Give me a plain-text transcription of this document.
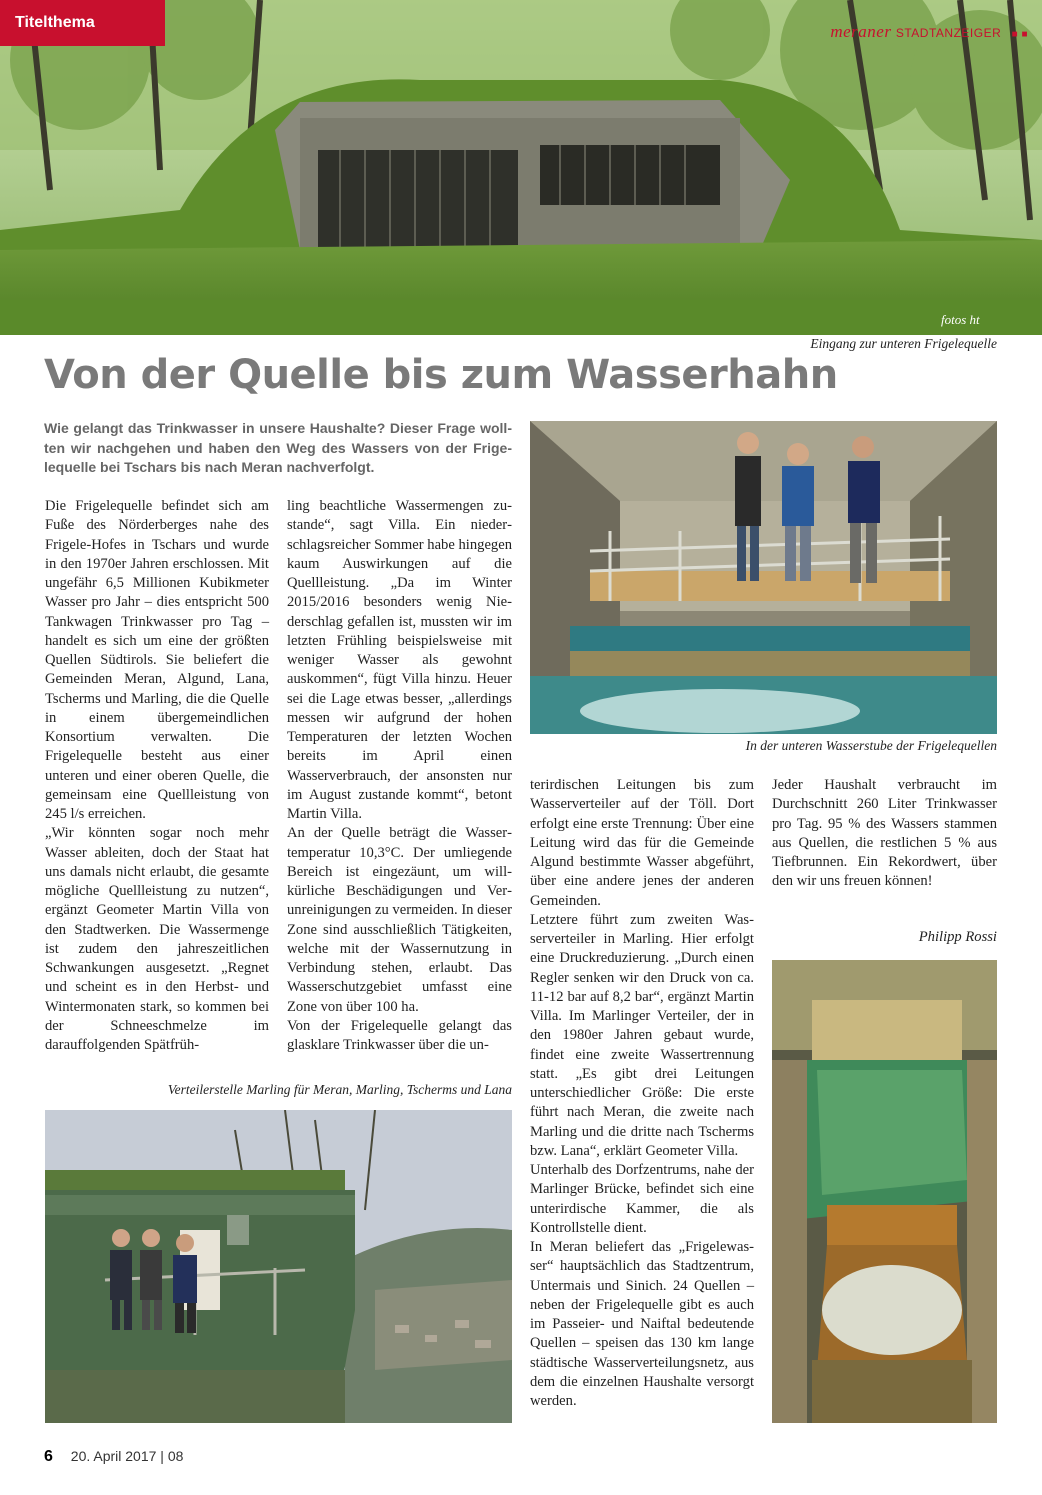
Titelthema	meraner STADTANZEIGER ■ ■
fotos ht
Eingang zur unteren Frigelequelle
Von der Quelle bis zum Wasserhahn
Wie gelangt das Trinkwasser in unsere Haushalte? Dieser Frage wollten wir nachgehen und haben den Weg des Wassers von der Frigelequelle bei Tschars bis nach Meran nachverfolgt.

Die Frigelequelle befindet sich am Fuße des Nörderberges nahe des Frigele-Hofes in Tschars und wurde in den 1970er Jahren erschlossen. Mit ungefähr 6,5 Millionen Kubikmeter Wasser pro Jahr – dies entspricht 500 Tankwagen Trinkwasser pro Tag – handelt es sich um eine der größten Quellen Südtirols. Sie beliefert die Gemeinden Meran, Algund, Lana, Tscherms und Marling, die die Quelle in einem übergemeindlichen Konsortium verwalten. Die Frigelequelle besteht aus einer unteren und einer oberen Quelle, die gemeinsam eine Quellleistung von 245 l/s erreichen.

„Wir könnten sogar noch mehr Wasser ableiten, doch der Staat hat uns damals nicht erlaubt, die gesamte mögliche Quellleistung zu nutzen“, ergänzt Geometer Martin Villa von den Stadtwerken. Die Wassermenge ist zudem den jahreszeitlichen Schwankungen ausgesetzt. „Regnet und scheint es in den Herbst- und Wintermonaten stark, so kommen bei der Schneeschmelze im darauffolgenden Spätfrüh-

ling beachtliche Wassermengen zustande“, sagt Villa. Ein niederschlagsreicher Sommer habe hingegen kaum Auswirkungen auf die Quellleistung. „Da im Winter 2015/2016 besonders wenig Niederschlag gefallen ist, mussten wir im letzten Frühling beispielsweise mit weniger Wasser als gewohnt auskommen“, fügt Villa hinzu. Heuer sei die Lage etwas besser, „allerdings messen wir aufgrund der hohen Temperaturen der letzten Wochen bereits im April einen Wasserverbrauch, der ansonsten nur im August zustande kommt“, betont Martin Villa.

An der Quelle beträgt die Wassertemperatur 10,3°C. Der umliegende Bereich ist eingezäunt, um willkürliche Beschädigungen und Verunreinigungen zu vermeiden. In dieser Zone sind ausschließlich Tätigkeiten, welche mit der Wassernutzung in Verbindung stehen, erlaubt. Das Wasserschutzgebiet umfasst eine Zone von über 100 ha.

Von der Frigelequelle gelangt das glasklare Trinkwasser über die un-

In der unteren Wasserstube der Frigelequellen

terirdischen Leitungen bis zum Wasserverteiler auf der Töll. Dort erfolgt eine erste Trennung: Über eine Leitung wird das für die Gemeinde Algund bestimmte Wasser abgeführt, über eine andere jenes der anderen Gemeinden.

Letztere führt zum zweiten Wasserverteiler in Marling. Hier erfolgt eine Druckreduzierung. „Durch einen Regler senken wir den Druck von ca. 11-12 bar auf 8,2 bar“, ergänzt Martin Villa. Im Marlinger Verteiler, der in den 1980er Jahren gebaut wurde, findet eine zweite Wassertrennung statt. „Es gibt drei Leitungen unterschiedlicher Größe: Die erste führt nach Meran, die zweite nach Marling und die dritte nach Tscherms bzw. Lana“, erklärt Geometer Villa.

Unterhalb des Dorfzentrums, nahe der Marlinger Brücke, befindet sich eine unterirdische Kammer, die als Kontrollstelle dient.

In Meran beliefert das „Frigelewasser“ hauptsächlich das Stadtzentrum, Untermais und Sinich. 24 Quellen – neben der Frigelequelle gibt es auch im Passeier- und Naiftal bedeutende Quellen – speisen das 130 km lange städtische Wasserverteilungsnetz, aus dem die einzelnen Haushalte versorgt werden.

Jeder Haushalt verbraucht im Durchschnitt 260 Liter Trinkwasser pro Tag. 95 % des Wassers stammen aus Quellen, die restlichen 5 % aus Tiefbrunnen. Ein Rekordwert, über den wir uns freuen können!

Philipp Rossi
Verteilerstelle Marling für Meran, Marling, Tscherms und Lana
6 20. April 2017 | 08
